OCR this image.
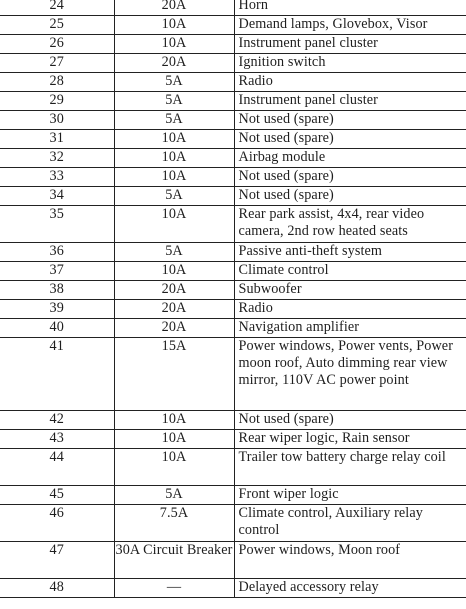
24	20A	Horn
25	10A	Demand lamps, Glovebox, Visor
26	10A	Instrument panel cluster
27	20A	Ignition switch
28	5A	Radio
29	5A	Instrument panel cluster
30	5A	Not used (spare)
31	10A	Not used (spare)
32	10A	Airbag module
33	10A	Not used (spare)
34	5A	Not used (spare)
35	10A	Rear park assist, 4x4, rear video camera, 2nd row heated seats
36	5A	Passive anti-theft system
37	10A	Climate control
38	20A	Subwoofer
39	20A	Radio
40	20A	Navigation amplifier
41	15A	Power windows, Power vents, Power moon roof, Auto dimming rear view mirror, 110V AC power point
42	10A	Not used (spare)
43	10A	Rear wiper logic, Rain sensor
44	10A	Trailer tow battery charge relay coil
45	5A	Front wiper logic
46	7.5A	Climate control, Auxiliary relay control
47	30A Circuit Breaker	Power windows, Moon roof
48	—	Delayed accessory relay
